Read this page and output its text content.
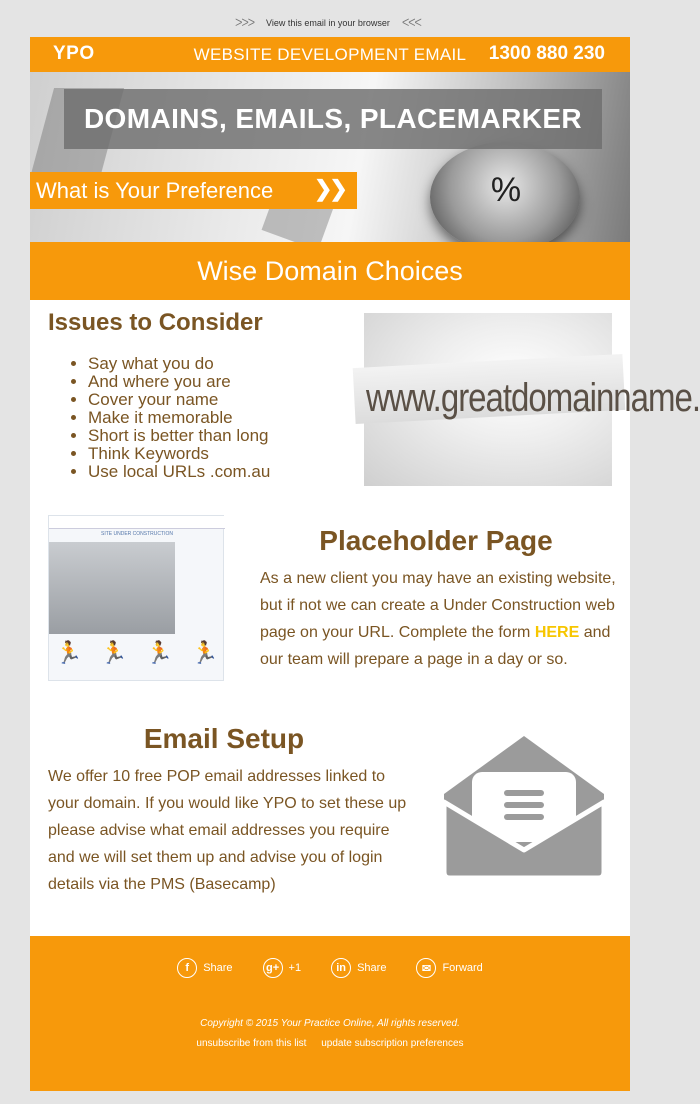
ᐳᐳᐳ View this email in your browser ᐸᐸᐸ
YPO	WEBSITE DEVELOPMENT EMAIL	1300 880 230
%
DOMAINS, EMAILS, PLACEMARKER
What is Your Preference ❯❯
Wise Domain Choices
Issues to Consider
• Say what you do
• And where you are
• Cover your name
• Make it memorable
• Short is better than long
• Think Keywords
• Use local URLs .com.au
www.greatdomainname.
SITE UNDER CONSTRUCTION
🏃 🏃 🏃 🏃
Placeholder Page

As a new client you may have an existing website, but if not we can create a Under Construction web page on your URL. Complete the form HERE and our team will prepare a page in a day or so.

Email Setup

We offer 10 free POP email addresses linked to your domain. If you would like YPO to set these up please advise what email addresses you require and we will set them up and advise you of login details via the PMS (Basecamp)

f	Share	g+ +1	in	Share	✉	Forward
Copyright © 2015 Your Practice Online, All rights reserved.
unsubscribe from this list update subscription preferences
